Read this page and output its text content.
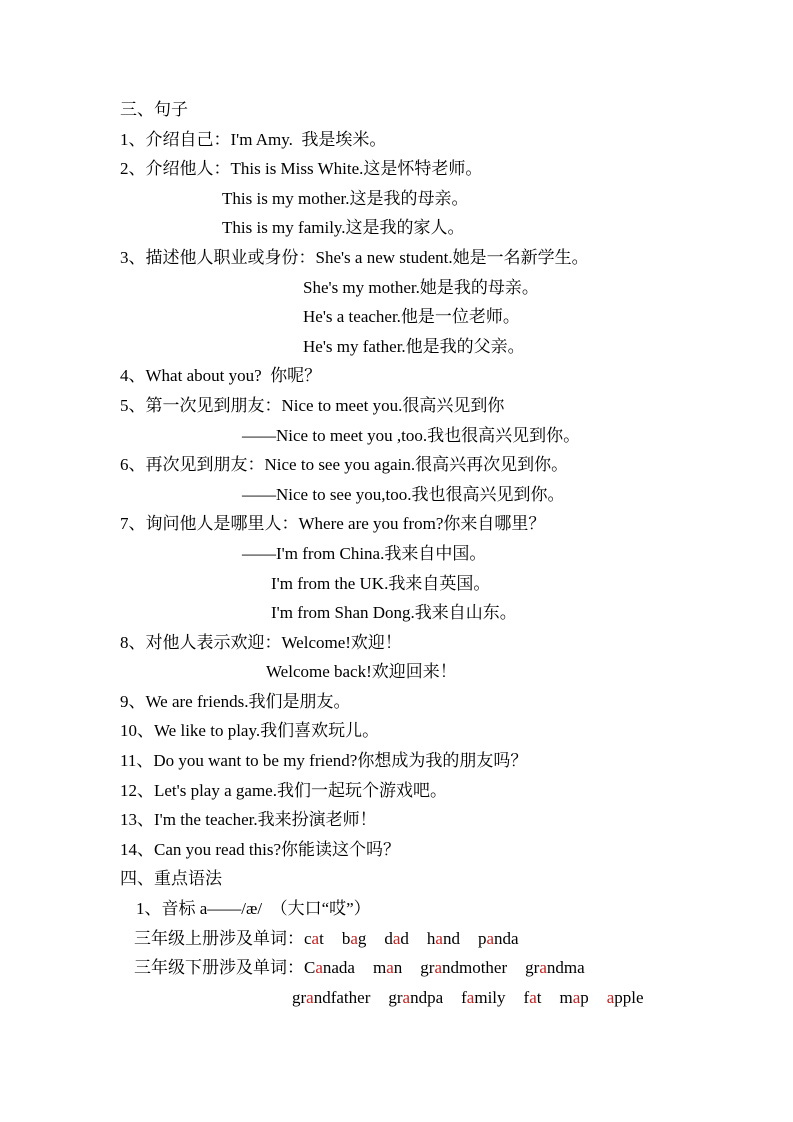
三、句子
1、介绍自己：I'm Amy.  我是埃米。
2、介绍他人：This is Miss White.这是怀特老师。
This is my mother.这是我的母亲。
This is my family.这是我的家人。
3、描述他人职业或身份：She's a new student.她是一名新学生。
She's my mother.她是我的母亲。
He's a teacher.他是一位老师。
He's my father.他是我的父亲。
4、What about you?  你呢？
5、第一次见到朋友：Nice to meet you.很高兴见到你
——Nice to meet you ,too.我也很高兴见到你。
6、再次见到朋友：Nice to see you again.很高兴再次见到你。
——Nice to see you,too.我也很高兴见到你。
7、询问他人是哪里人：Where are you from?你来自哪里？
——I'm from China.我来自中国。
I'm from the UK.我来自英国。
I'm from Shan Dong.我来自山东。
8、对他人表示欢迎：Welcome!欢迎！
Welcome back!欢迎回来！
9、We are friends.我们是朋友。
10、We like to play.我们喜欢玩儿。
11、Do you want to be my friend?你想成为我的朋友吗？
12、Let's play a game.我们一起玩个游戏吧。
13、I'm the teacher.我来扮演老师！
14、Can you read this?你能读这个吗？
四、重点语法
1、音标 a——/æ/　（大口“哎”）
三年级上册涉及单词：cat bag dad hand panda
三年级下册涉及单词：Canada man grandmother grandma
grandfather grandpa family fat map apple
